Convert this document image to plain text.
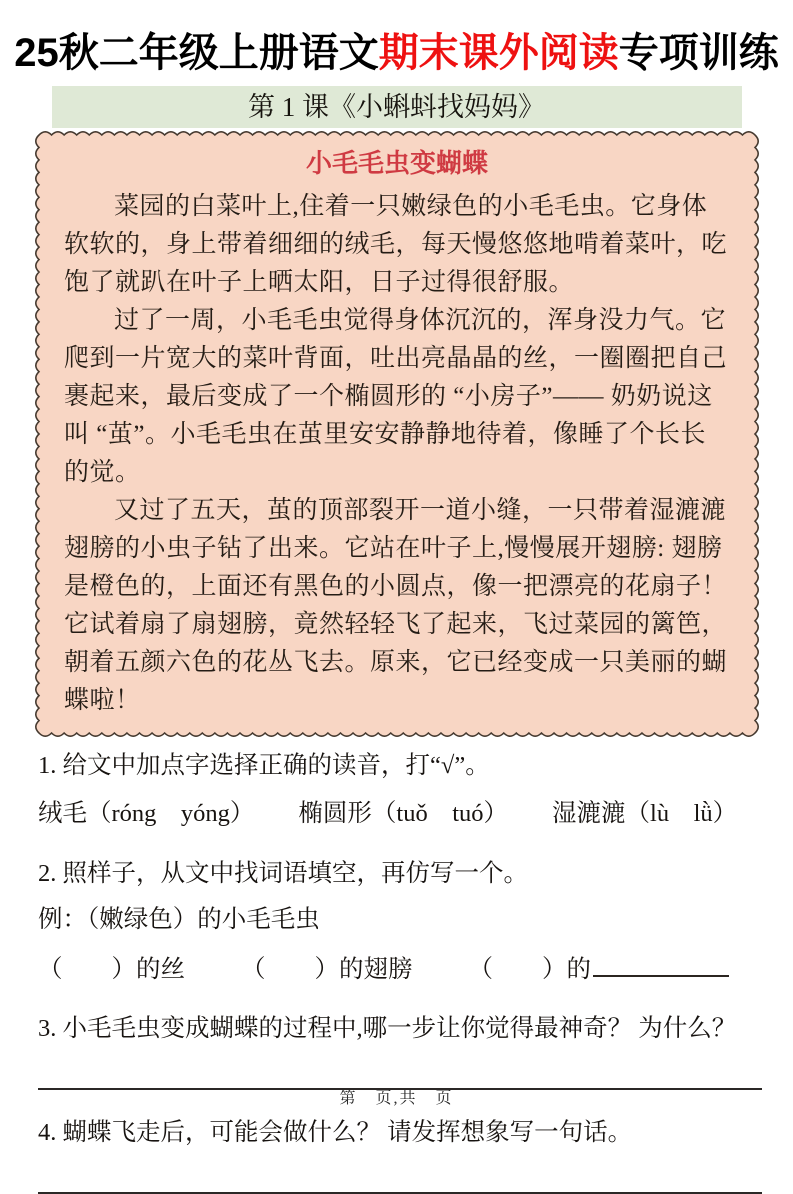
25秋二年级上册语文期末课外阅读专项训练
第 1 课《小蝌蚪找妈妈》
小毛毛虫变蝴蝶

菜园的白菜叶上,住着一只嫩绿色的小毛毛虫。它身体软软的，身上带着细细的绒毛，每天慢悠悠地啃着菜叶，吃饱了就趴在叶子上晒太阳，日子过得很舒服。

过了一周，小毛毛虫觉得身体沉沉的，浑身没力气。它爬到一片宽大的菜叶背面，吐出亮晶晶的丝，一圈圈把自己裹起来，最后变成了一个椭圆形的 “小房子”—— 奶奶说这叫 “茧”。小毛毛虫在茧里安安静静地待着，像睡了个长长的觉。

又过了五天，茧的顶部裂开一道小缝，一只带着湿漉漉翅膀的小虫子钻了出来。它站在叶子上,慢慢展开翅膀: 翅膀是橙色的，上面还有黑色的小圆点，像一把漂亮的花扇子！它试着扇了扇翅膀，竟然轻轻飞了起来，飞过菜园的篱笆，朝着五颜六色的花丛飞去。原来，它已经变成一只美丽的蝴蝶啦！

1. 给文中加点字选择正确的读音，打“√”。
绒毛（róng　yóng） 椭圆形（tuǒ　tuó） 湿漉漉（lù　lǜ）
2. 照样子，从文中找词语填空，再仿写一个。
例：（嫩绿色）的小毛毛虫
（　　）的丝 （　　）的翅膀 （　　）的
3. 小毛毛虫变成蝴蝶的过程中,哪一步让你觉得最神奇？ 为什么？
4. 蝴蝶飞走后，可能会做什么？ 请发挥想象写一句话。
第　页,共　页
